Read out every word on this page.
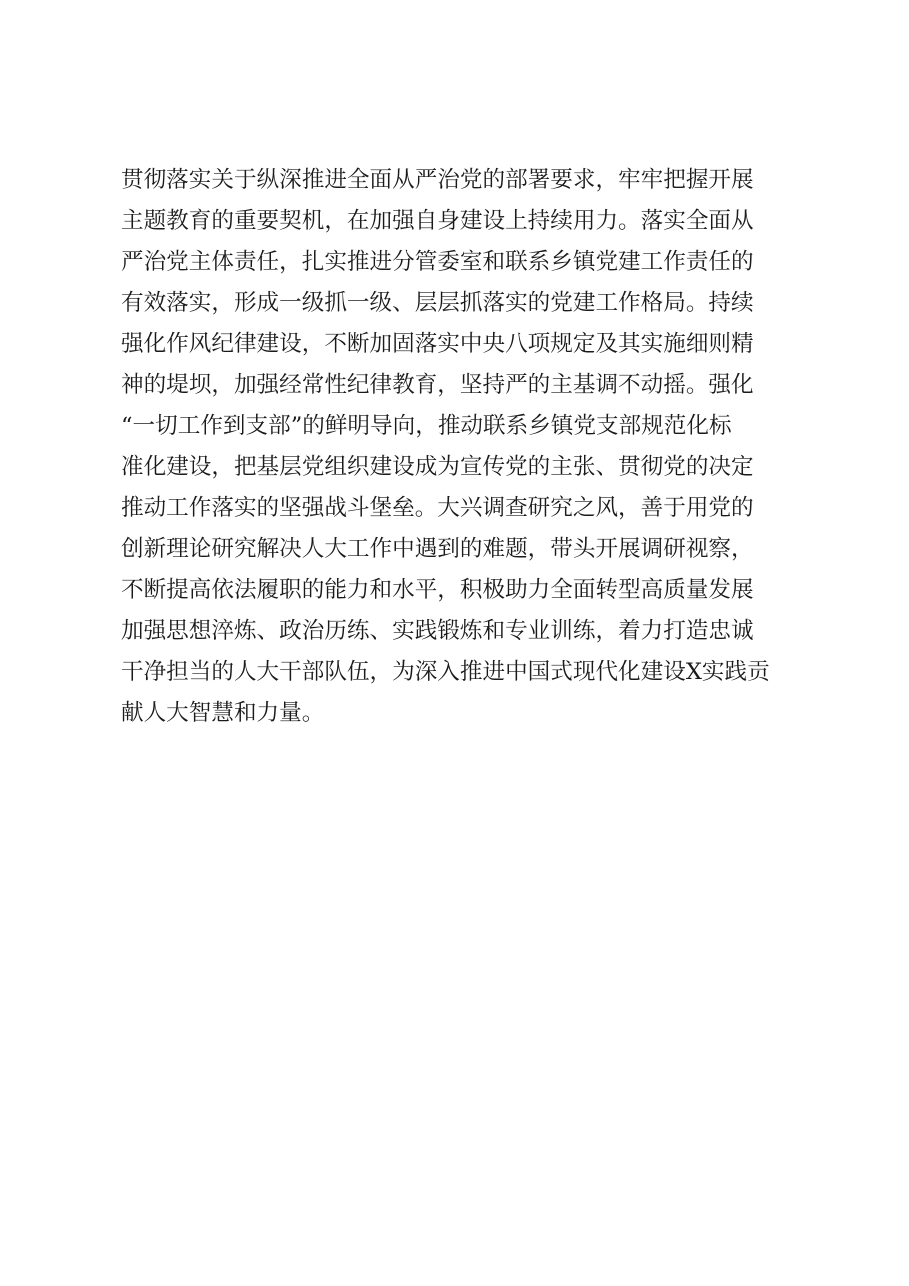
贯彻落实关于纵深推进全面从严治党的部署要求，牢牢把握开展
主题教育的重要契机，在加强自身建设上持续用力。落实全面从
严治党主体责任，扎实推进分管委室和联系乡镇党建工作责任的
有效落实，形成一级抓一级、层层抓落实的党建工作格局。持续
强化作风纪律建设，不断加固落实中央八项规定及其实施细则精
神的堤坝，加强经常性纪律教育，坚持严的主基调不动摇。强化
“一切工作到支部”的鲜明导向，推动联系乡镇党支部规范化标
准化建设，把基层党组织建设成为宣传党的主张、贯彻党的决定
推动工作落实的坚强战斗堡垒。大兴调查研究之风，善于用党的
创新理论研究解决人大工作中遇到的难题，带头开展调研视察，
不断提高依法履职的能力和水平，积极助力全面转型高质量发展
加强思想淬炼、政治历练、实践锻炼和专业训练，着力打造忠诚
干净担当的人大干部队伍，为深入推进中国式现代化建设X实践贡
献人大智慧和力量。
